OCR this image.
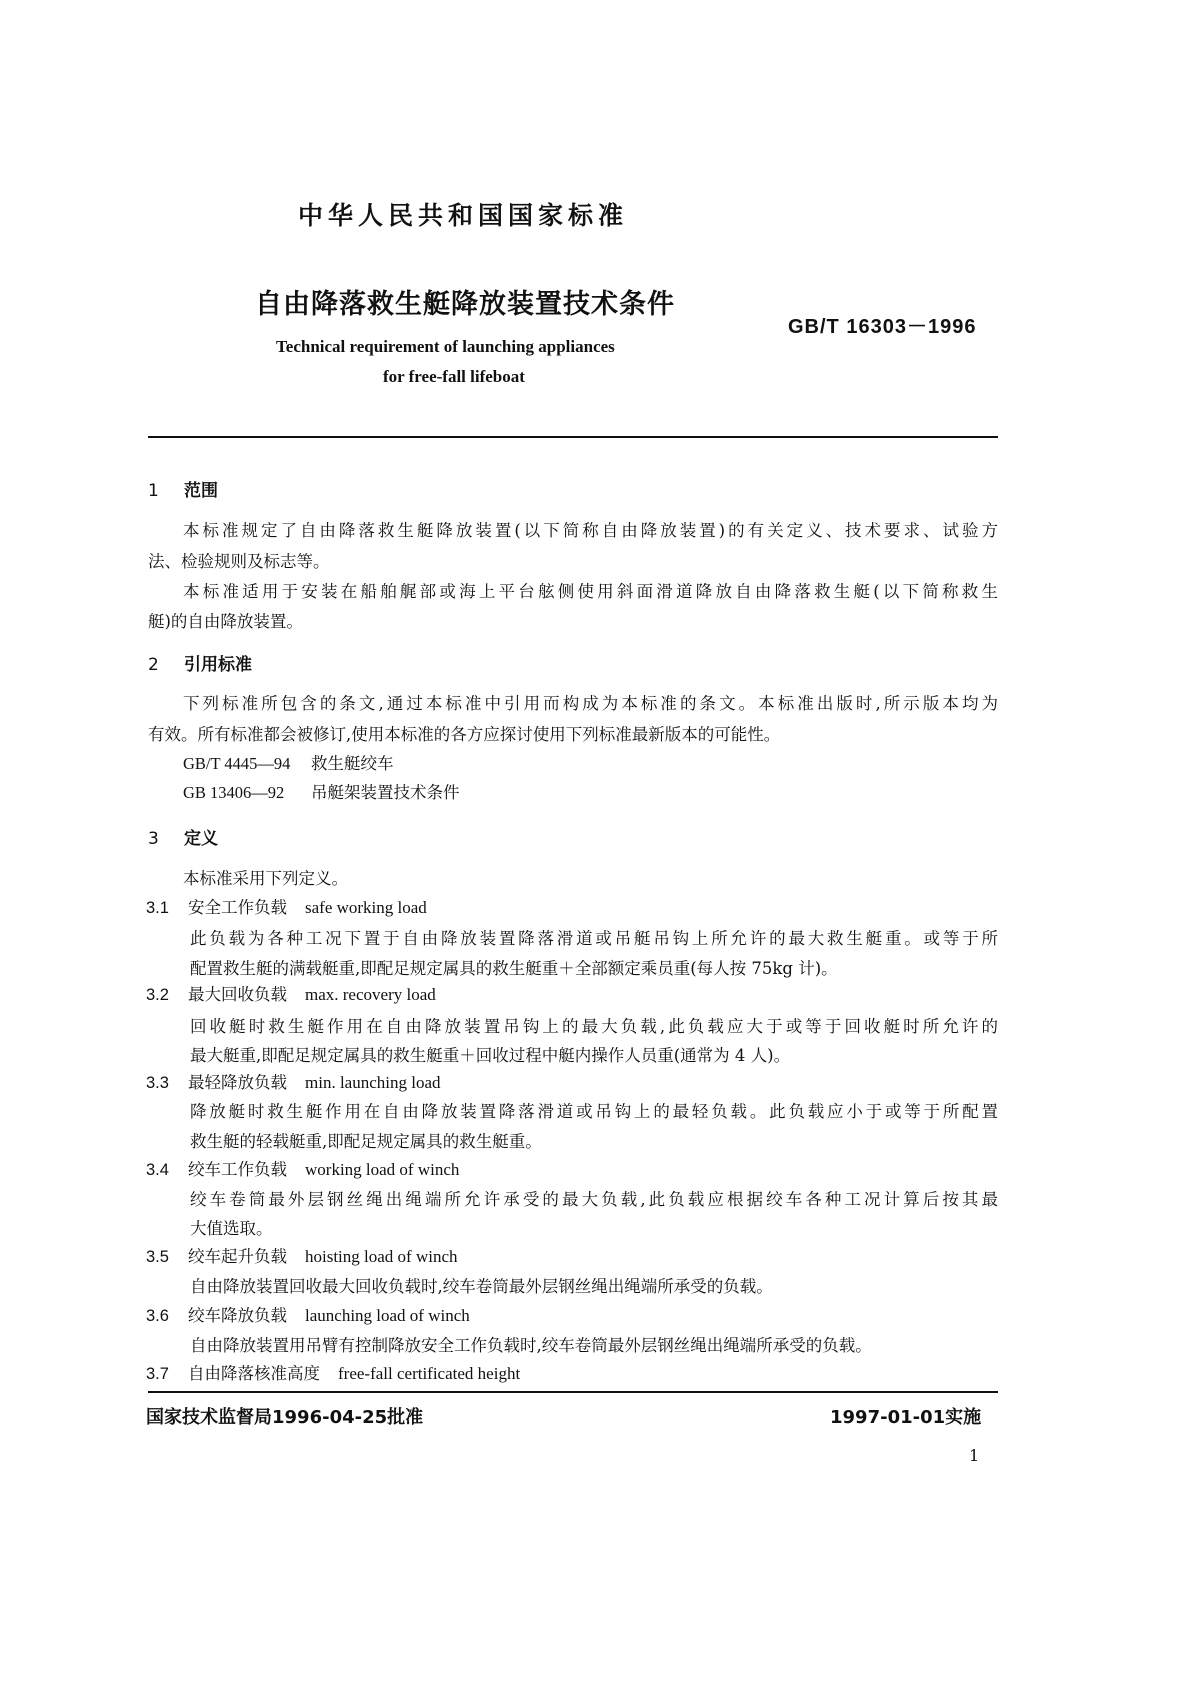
中华人民共和国国家标准
自由降落救生艇降放装置技术条件
GB/T 16303－1996
Technical requirement of launching appliances
for free-fall lifeboat
1 范围
本标准规定了自由降落救生艇降放装置(以下简称自由降放装置)的有关定义、技术要求、试验方
法、检验规则及标志等。
本标准适用于安装在船舶艉部或海上平台舷侧使用斜面滑道降放自由降落救生艇(以下简称救生
艇)的自由降放装置。
2 引用标准
下列标准所包含的条文,通过本标准中引用而构成为本标准的条文。本标准出版时,所示版本均为
有效。所有标准都会被修订,使用本标准的各方应探讨使用下列标准最新版本的可能性。
GB/T 4445—94 救生艇绞车
GB 13406—92 吊艇架装置技术条件
3 定义
本标准采用下列定义。
3.1 安全工作负载 safe working load
此负载为各种工况下置于自由降放装置降落滑道或吊艇吊钩上所允许的最大救生艇重。或等于所
配置救生艇的满载艇重,即配足规定属具的救生艇重＋全部额定乘员重(每人按 75kg 计)。
3.2 最大回收负载 max. recovery load
回收艇时救生艇作用在自由降放装置吊钩上的最大负载,此负载应大于或等于回收艇时所允许的
最大艇重,即配足规定属具的救生艇重＋回收过程中艇内操作人员重(通常为 4 人)。
3.3 最轻降放负载 min. launching load
降放艇时救生艇作用在自由降放装置降落滑道或吊钩上的最轻负载。此负载应小于或等于所配置
救生艇的轻载艇重,即配足规定属具的救生艇重。
3.4 绞车工作负载 working load of winch
绞车卷筒最外层钢丝绳出绳端所允许承受的最大负载,此负载应根据绞车各种工况计算后按其最
大值选取。
3.5 绞车起升负载 hoisting load of winch
自由降放装置回收最大回收负载时,绞车卷筒最外层钢丝绳出绳端所承受的负载。
3.6 绞车降放负载 launching load of winch
自由降放装置用吊臂有控制降放安全工作负载时,绞车卷筒最外层钢丝绳出绳端所承受的负载。
3.7 自由降落核准高度 free-fall certificated height
国家技术监督局1996-04-25批准	1997-01-01实施
1
